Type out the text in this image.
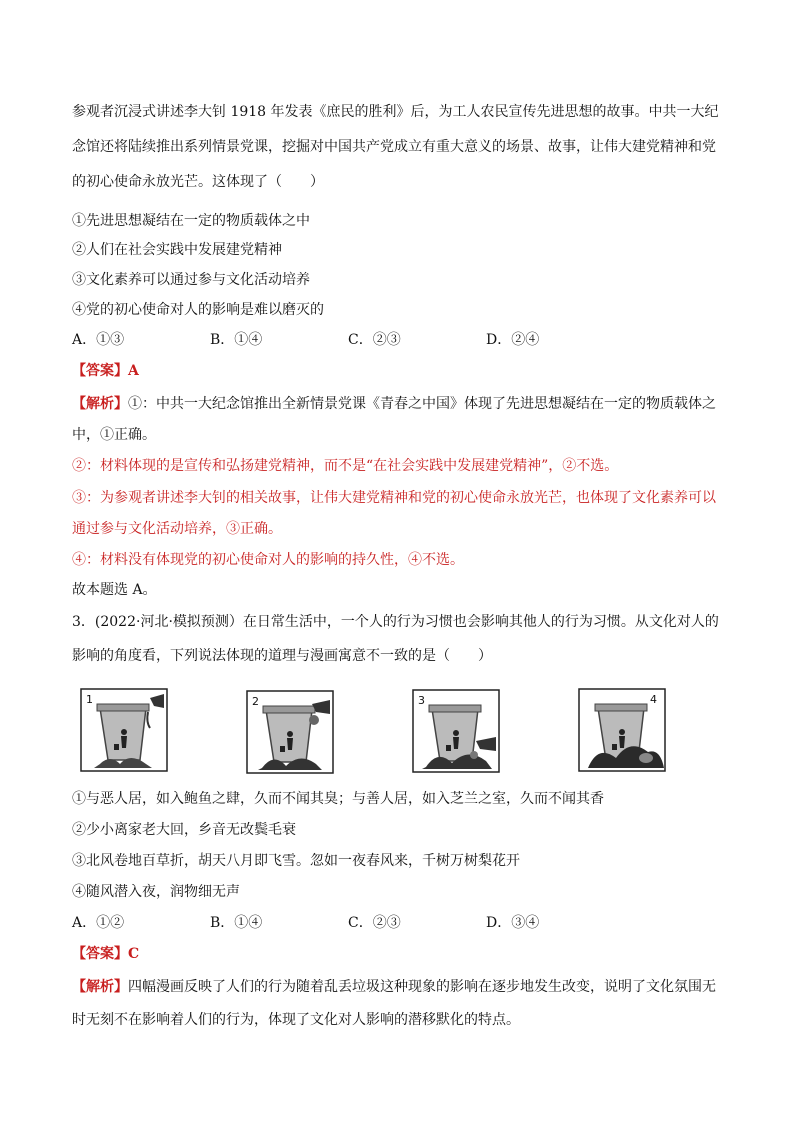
参观者沉浸式讲述李大钊 1918 年发表《庶民的胜利》后，为工人农民宣传先进思想的故事。中共一大纪
念馆还将陆续推出系列情景党课，挖掘对中国共产党成立有重大意义的场景、故事，让伟大建党精神和党
的初心使命永放光芒。这体现了（　　）
①先进思想凝结在一定的物质载体之中
②人们在社会实践中发展建党精神
③文化素养可以通过参与文化活动培养
④党的初心使命对人的影响是难以磨灭的
A．①③	B．①④	C．②③	D．②④
【答案】A
【解析】①：中共一大纪念馆推出全新情景党课《青春之中国》体现了先进思想凝结在一定的物质载体之
中，①正确。
②：材料体现的是宣传和弘扬建党精神，而不是“在社会实践中发展建党精神”，②不选。
③：为参观者讲述李大钊的相关故事，让伟大建党精神和党的初心使命永放光芒，也体现了文化素养可以
通过参与文化活动培养，③正确。
④：材料没有体现党的初心使命对人的影响的持久性，④不选。
故本题选 A。
3．(2022·河北·模拟预测）在日常生活中，一个人的行为习惯也会影响其他人的行为习惯。从文化对人的
影响的角度看，下列说法体现的道理与漫画寓意不一致的是（　　）
1	2	3	4
①与恶人居，如入鲍鱼之肆，久而不闻其臭；与善人居，如入芝兰之室，久而不闻其香
②少小离家老大回，乡音无改鬓毛衰
③北风卷地百草折，胡天八月即飞雪。忽如一夜春风来，千树万树梨花开
④随风潜入夜，润物细无声
A．①②	B．①④	C．②③	D．③④
【答案】C
【解析】四幅漫画反映了人们的行为随着乱丢垃圾这种现象的影响在逐步地发生改变，说明了文化氛围无
时无刻不在影响着人们的行为，体现了文化对人影响的潜移默化的特点。
